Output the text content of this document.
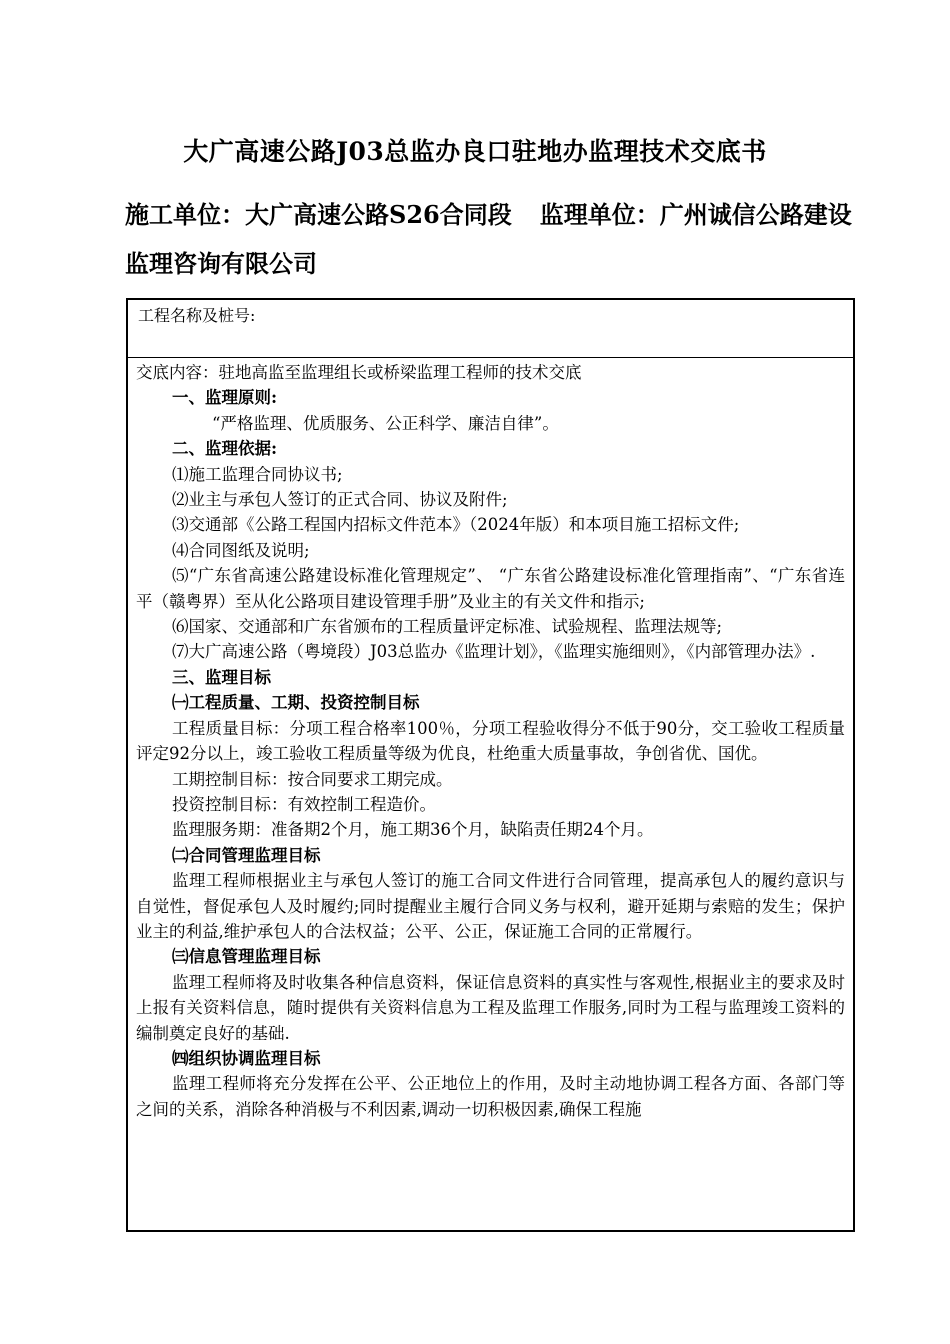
大广高速公路J03总监办良口驻地办监理技术交底书
施工单位：大广高速公路S26合同段 监理单位：广州诚信公路建设监理咨询有限公司
工程名称及桩号:

交底内容：驻地高监至监理组长或桥梁监理工程师的技术交底

一、监理原则:

“严格监理、优质服务、公正科学、廉洁自律”。

二、监理依据:

⑴施工监理合同协议书;

⑵业主与承包人签订的正式合同、协议及附件;

⑶交通部《公路工程国内招标文件范本》（2024年版）和本项目施工招标文件;

⑷合同图纸及说明;

⑸“广东省高速公路建设标准化管理规定”、 “广东省公路建设标准化管理指南”、“广东省连平（赣粤界）至从化公路项目建设管理手册”及业主的有关文件和指示;

⑹国家、交通部和广东省颁布的工程质量评定标准、试验规程、监理法规等;

⑺大广高速公路（粤境段）J03总监办《监理计划》，《监理实施细则》，《内部管理办法》.

三、监理目标

㈠工程质量、工期、投资控制目标

工程质量目标：分项工程合格率100％，分项工程验收得分不低于90分，交工验收工程质量评定92分以上，竣工验收工程质量等级为优良，杜绝重大质量事故，争创省优、国优。

工期控制目标：按合同要求工期完成。

投资控制目标：有效控制工程造价。

监理服务期：准备期2个月，施工期36个月，缺陷责任期24个月。

㈡合同管理监理目标

监理工程师根据业主与承包人签订的施工合同文件进行合同管理，提高承包人的履约意识与自觉性，督促承包人及时履约;同时提醒业主履行合同义务与权利，避开延期与索赔的发生；保护业主的利益,维护承包人的合法权益；公平、公正，保证施工合同的正常履行。

㈢信息管理监理目标

监理工程师将及时收集各种信息资料，保证信息资料的真实性与客观性,根据业主的要求及时上报有关资料信息，随时提供有关资料信息为工程及监理工作服务,同时为工程与监理竣工资料的编制奠定良好的基础.

㈣组织协调监理目标

监理工程师将充分发挥在公平、公正地位上的作用，及时主动地协调工程各方面、各部门等之间的关系，消除各种消极与不利因素,调动一切积极因素,确保工程施
